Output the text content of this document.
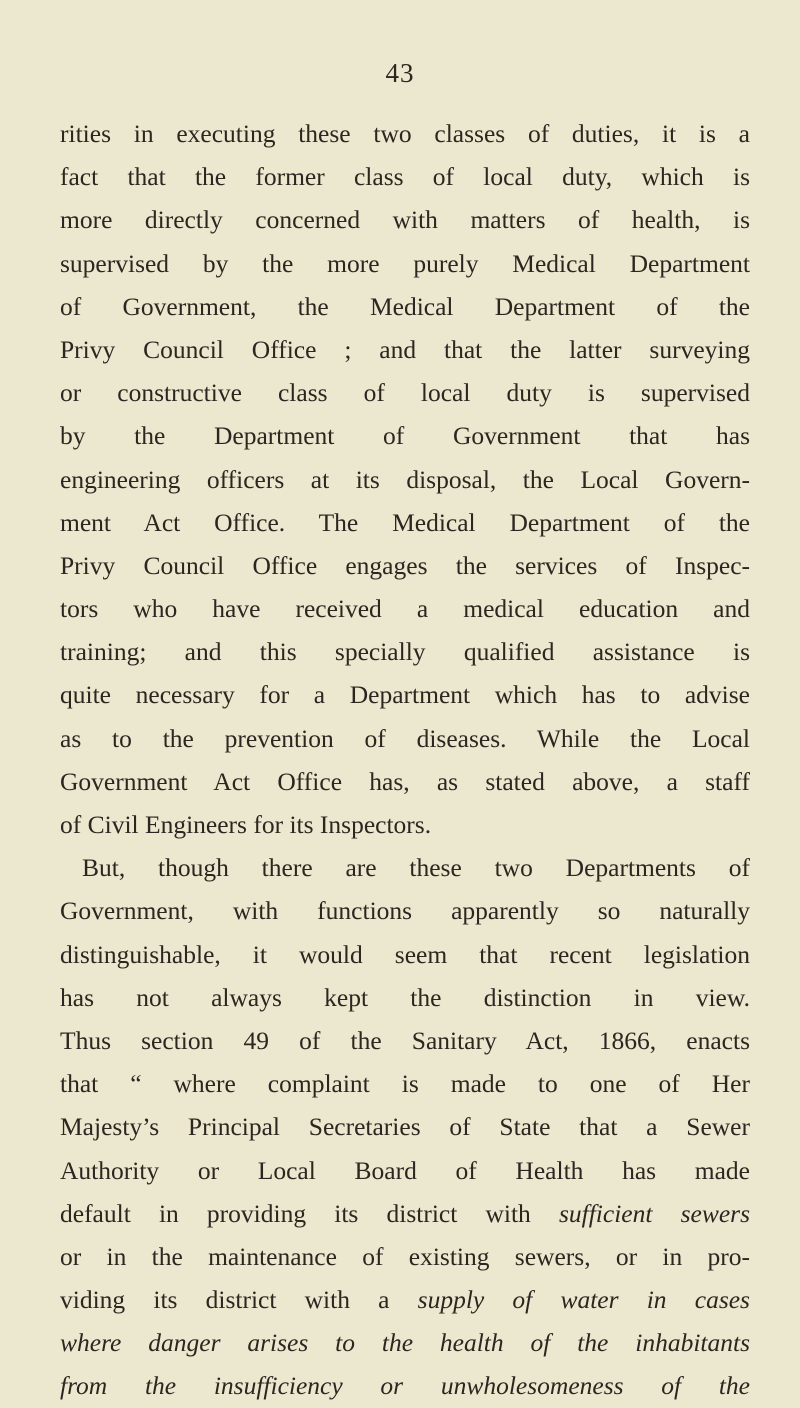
43
rities in executing these two classes of duties, it is a
fact that the former class of local duty, which is
more directly concerned with matters of health, is
supervised by the more purely Medical Department
of Government, the Medical Department of the
Privy Council Office ; and that the latter surveying
or constructive class of local duty is supervised
by the Department of Government that has
engineering officers at its disposal, the Local Govern-
ment Act Office. The Medical Department of the
Privy Council Office engages the services of Inspec-
tors who have received a medical education and
training; and this specially qualified assistance is
quite necessary for a Department which has to advise
as to the prevention of diseases. While the Local
Government Act Office has, as stated above, a staff
of Civil Engineers for its Inspectors.
But, though there are these two Departments of
Government, with functions apparently so naturally
distinguishable, it would seem that recent legislation
has not always kept the distinction in view.
Thus section 49 of the Sanitary Act, 1866, enacts
that “ where complaint is made to one of Her
Majesty’s Principal Secretaries of State that a Sewer
Authority or Local Board of Health has made
default in providing its district with sufficient sewers
or in the maintenance of existing sewers, or in pro-
viding its district with a supply of water in cases
where danger arises to the health of the inhabitants
from the insufficiency or unwholesomeness of the
